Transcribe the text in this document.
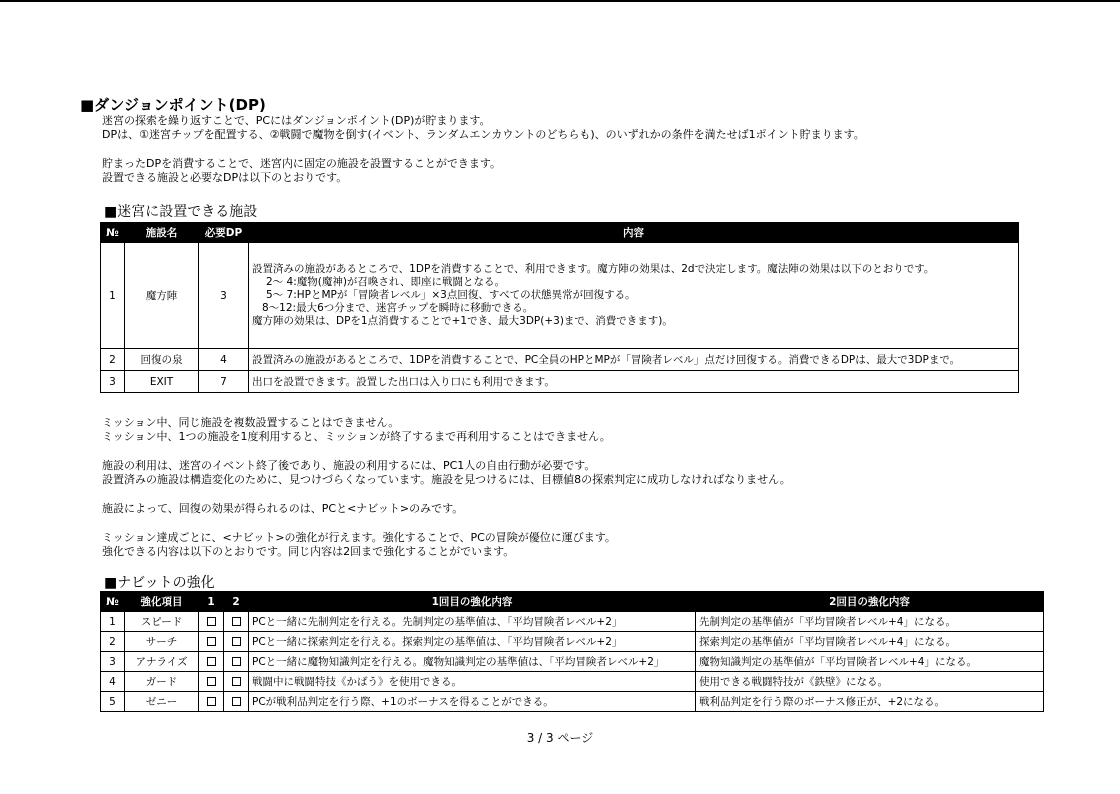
■ダンジョンポイント(DP)
迷宮の探索を繰り返すことで、PCにはダンジョンポイント(DP)が貯まります。
DPは、①迷宮チップを配置する、②戦闘で魔物を倒す(イベント、ランダムエンカウントのどちらも)、のいずれかの条件を満たせば1ポイント貯まります。
貯まったDPを消費することで、迷宮内に固定の施設を設置することができます。
設置できる施設と必要なDPは以下のとおりです。
■迷宮に設置できる施設
№	施設名	必要DP	内容
1	魔方陣	3	設置済みの施設があるところで、1DPを消費することで、利用できます。魔方陣の効果は、2dで決定します。魔法陣の効果は以下のとおりです。
2～ 4:魔物(魔神)が召喚され、即座に戦闘となる。
5～ 7:HPとMPが「冒険者レベル」×3点回復、すべての状態異常が回復する。
8～12:最大6つ分まで、迷宮チップを瞬時に移動できる。
魔方陣の効果は、DPを1点消費することで+1でき、最大3DP(+3)まで、消費できます)。

2	回復の泉	4	設置済みの施設があるところで、1DPを消費することで、PC全員のHPとMPが「冒険者レベル」点だけ回復する。消費できるDPは、最大で3DPまで。
3	EXIT	7	出口を設置できます。設置した出口は入り口にも利用できます。
ミッション中、同じ施設を複数設置することはできません。
ミッション中、1つの施設を1度利用すると、ミッションが終了するまで再利用することはできません。
施設の利用は、迷宮のイベント終了後であり、施設の利用するには、PC1人の自由行動が必要です。
設置済みの施設は構造変化のために、見つけづらくなっています。施設を見つけるには、目標値8の探索判定に成功しなければなりません。
施設によって、回復の効果が得られるのは、PCと<ナビット>のみです。
ミッション達成ごとに、<ナビット>の強化が行えます。強化することで、PCの冒険が優位に運びます。
強化できる内容は以下のとおりです。同じ内容は2回まで強化することがでいます。
■ナビットの強化
№	強化項目	1	2	1回目の強化内容	2回目の強化内容
1	スピード			PCと一緒に先制判定を行える。先制判定の基準値は、「平均冒険者レベル+2」	先制判定の基準値が「平均冒険者レベル+4」になる。
2	サーチ			PCと一緒に探索判定を行える。探索判定の基準値は、「平均冒険者レベル+2」	探索判定の基準値が「平均冒険者レベル+4」になる。
3	アナライズ			PCと一緒に魔物知識判定を行える。魔物知識判定の基準値は、「平均冒険者レベル+2」	魔物知識判定の基準値が「平均冒険者レベル+4」になる。
4	ガード			戦闘中に戦闘特技《かばう》を使用できる。	使用できる戦闘特技が《鉄壁》になる。
5	ゼニー			PCが戦利品判定を行う際、+1のボーナスを得ることができる。	戦利品判定を行う際のボーナス修正が、+2になる。
3 / 3 ページ
